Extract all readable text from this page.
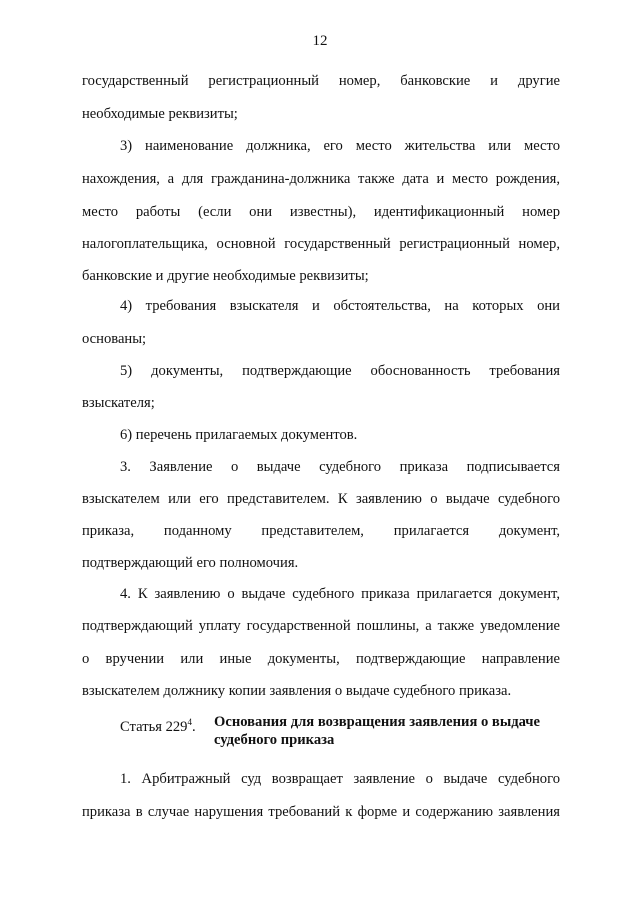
12
государственный регистрационный номер, банковские и другие
необходимые реквизиты;
3) наименование должника, его место жительства или место
нахождения, а для гражданина-должника также дата и место рождения,
место работы (если они известны), идентификационный номер
налогоплательщика, основной государственный регистрационный номер,
банковские и другие необходимые реквизиты;
4) требования взыскателя и обстоятельства, на которых они
основаны;
5) документы, подтверждающие обоснованность требования
взыскателя;
6) перечень прилагаемых документов.
3. Заявление о выдаче судебного приказа подписывается
взыскателем или его представителем. К заявлению о выдаче судебного
приказа, поданному представителем, прилагается документ,
подтверждающий его полномочия.
4. К заявлению о выдаче судебного приказа прилагается документ,
подтверждающий уплату государственной пошлины, а также уведомление
о вручении или иные документы, подтверждающие направление
взыскателем должнику копии заявления о выдаче судебного приказа.
Статья $229^4$. Основания для возвращения заявления о выдаче судебного приказа
1. Арбитражный суд возвращает заявление о выдаче судебного
приказа в случае нарушения требований к форме и содержанию заявления
